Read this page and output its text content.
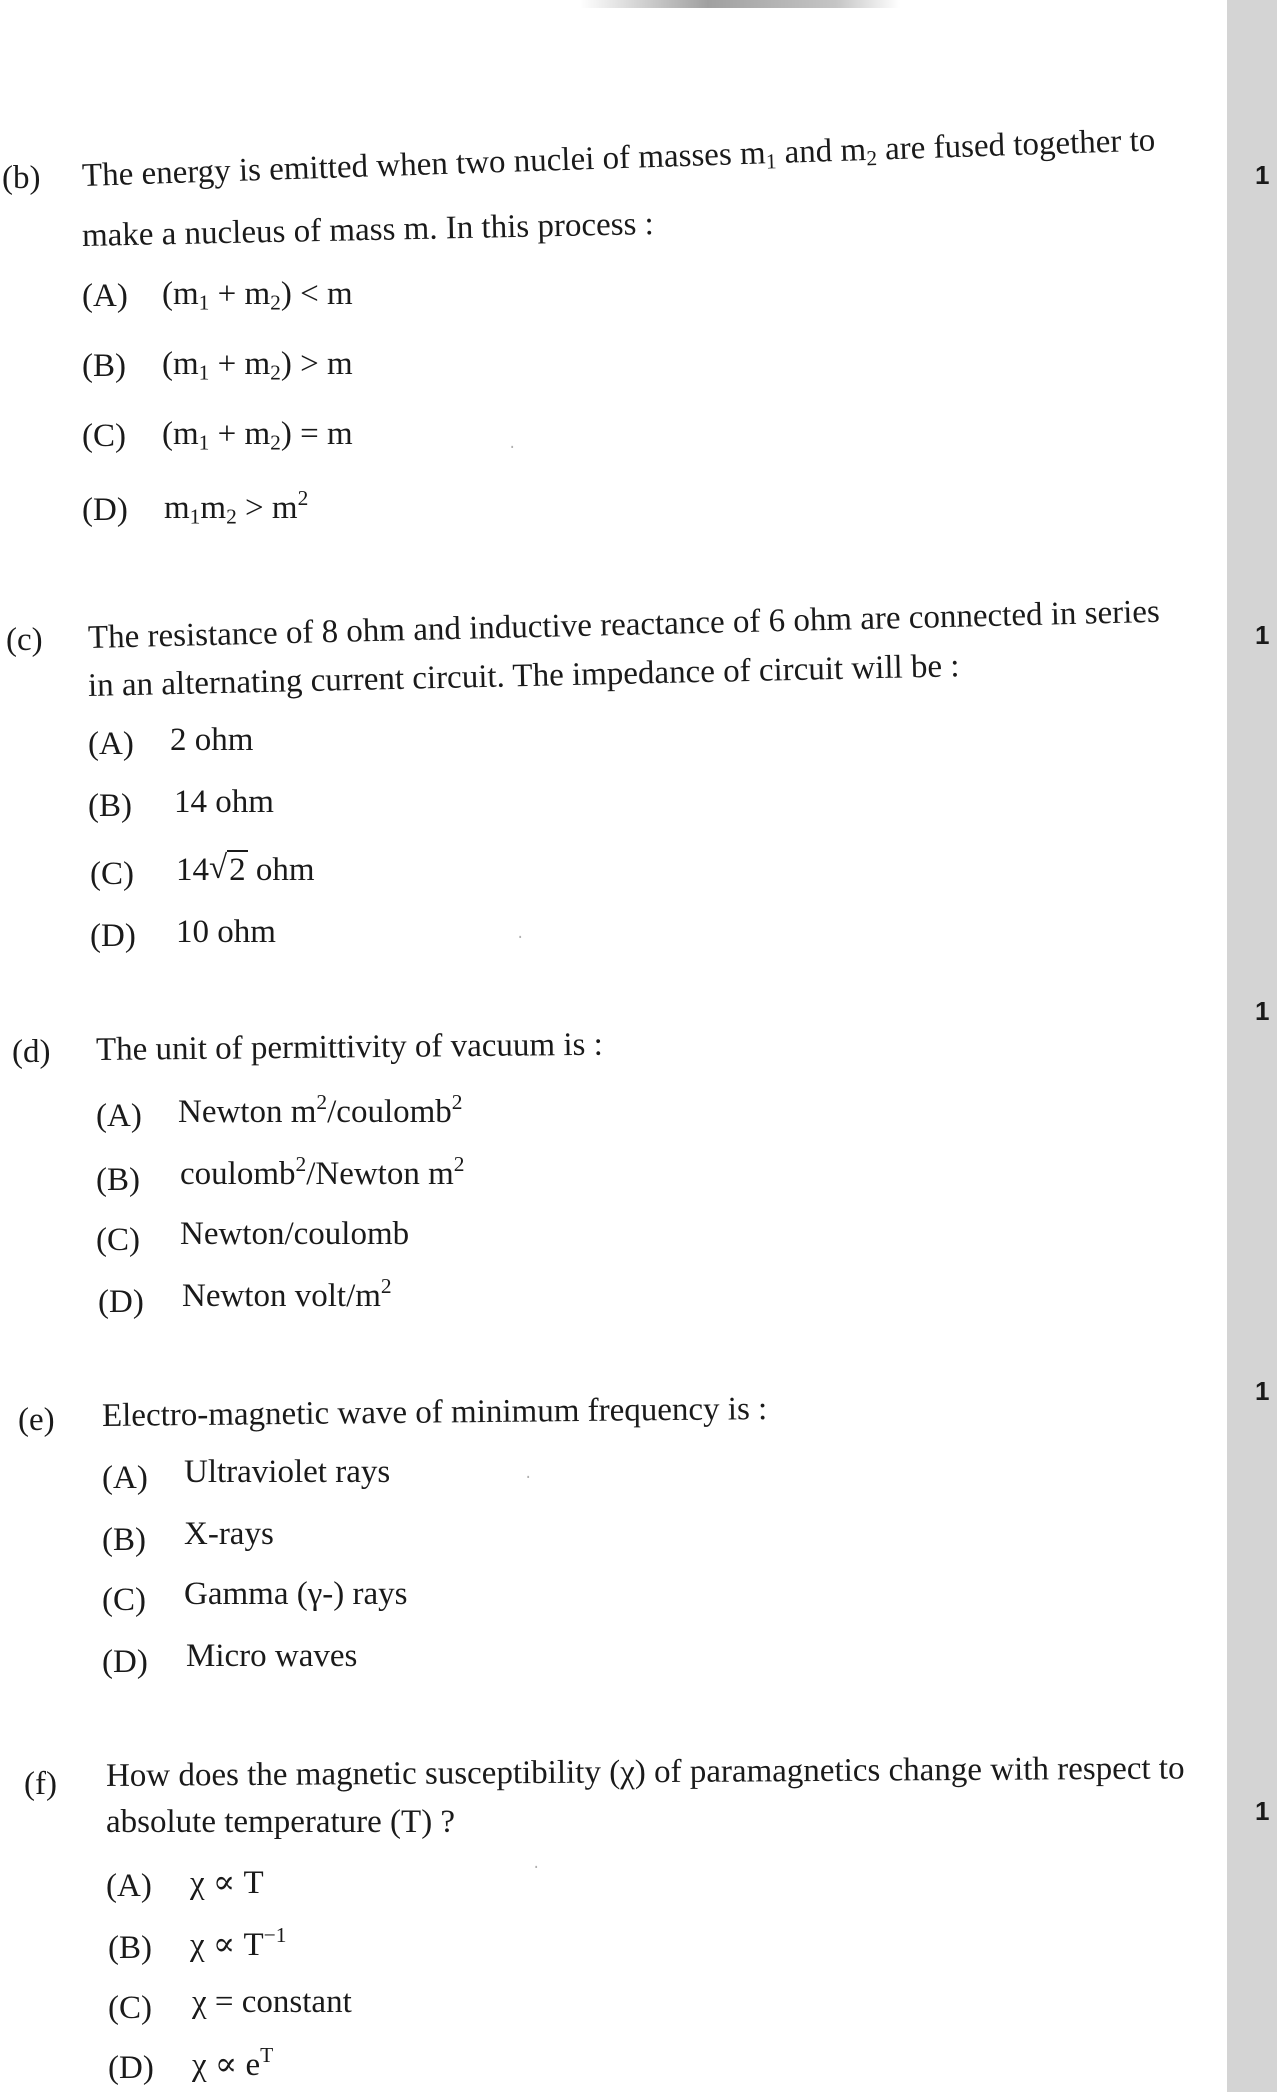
(b) The energy is emitted when two nuclei of masses $m_1$ and $m_2$ are fused together to
make a nucleus of mass m. In this process :
1
(A) $(m_1 + m_2) < m$
(B) $(m_1 + m_2) > m$
(C) $(m_1 + m_2) = m$
(D) $m_1m_2 > m^2$
(c) The resistance of 8 ohm and inductive reactance of 6 ohm are connected in series
in an alternating current circuit. The impedance of circuit will be :
1
(A) 2 ohm
(B) 14 ohm
(C) 14 √ 2 ohm
(D) 10 ohm
(d) The unit of permittivity of vacuum is :
1
(A) Newton $m^2/coulomb^2$
(B) coulomb$^2$/Newton $m^2$
(C) Newton/coulomb
(D) Newton volt/$m^2$
(e) Electro-magnetic wave of minimum frequency is :
1
(A) Ultraviolet rays
(B) X-rays
(C) Gamma (γ-) rays
(D) Micro waves
(f) How does the magnetic susceptibility (χ) of paramagnetics change with respect to
absolute temperature (T) ?	1
(A) χ ∝ T
(B) $\chi \propto T^{-1}$
(C) χ = constant
(D) $\chi \propto e^T$
·
·
·
·
